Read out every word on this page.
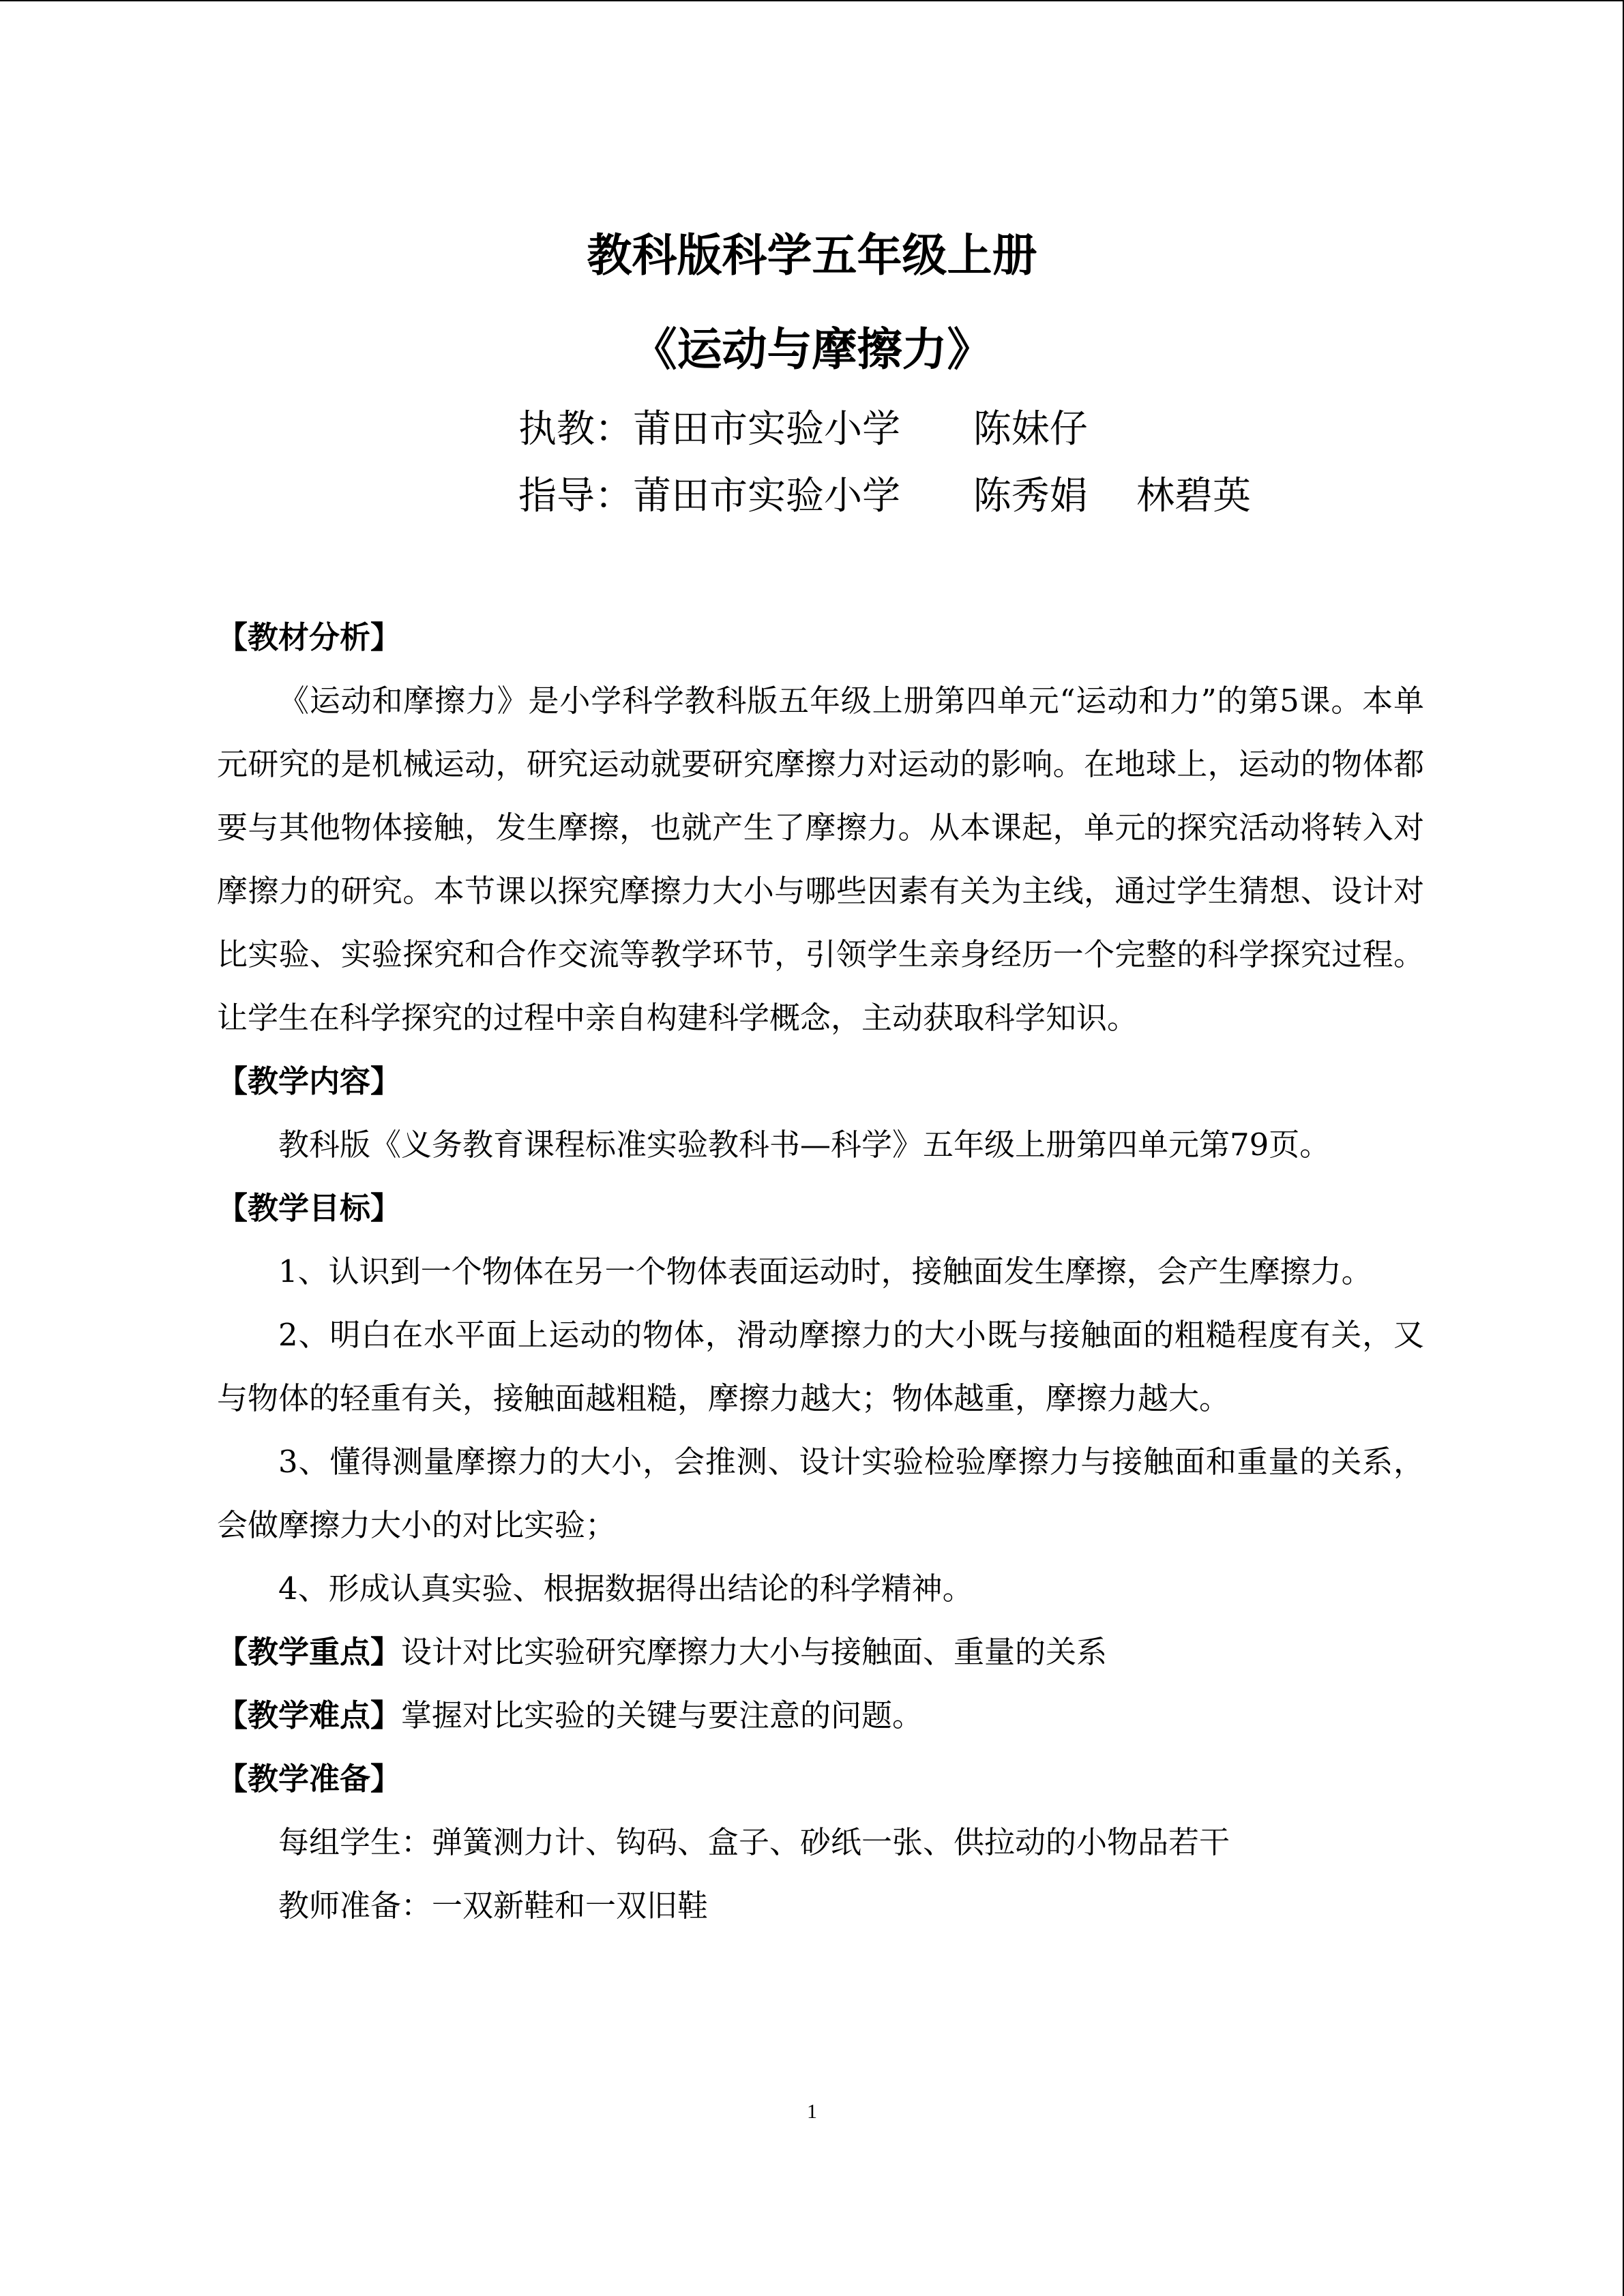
教科版科学五年级上册
《运动与摩擦力》
执教：莆田市实验小学      陈妹仔
指导：莆田市实验小学      陈秀娟    林碧英

【教材分析】

《运动和摩擦力》是小学科学教科版五年级上册第四单元“运动和力”的第5课。本单元研究的是机械运动，研究运动就要研究摩擦力对运动的影响。在地球上，运动的物体都要与其他物体接触，发生摩擦，也就产生了摩擦力。从本课起，单元的探究活动将转入对摩擦力的研究。本节课以探究摩擦力大小与哪些因素有关为主线，通过学生猜想、设计对比实验、实验探究和合作交流等教学环节，引领学生亲身经历一个完整的科学探究过程。让学生在科学探究的过程中亲自构建科学概念，主动获取科学知识。

【教学内容】

教科版《义务教育课程标准实验教科书—科学》五年级上册第四单元第79页。

【教学目标】

1、认识到一个物体在另一个物体表面运动时，接触面发生摩擦，会产生摩擦力。

2、明白在水平面上运动的物体，滑动摩擦力的大小既与接触面的粗糙程度有关，又与物体的轻重有关，接触面越粗糙，摩擦力越大；物体越重，摩擦力越大。

3、懂得测量摩擦力的大小，会推测、设计实验检验摩擦力与接触面和重量的关系，会做摩擦力大小的对比实验；

4、形成认真实验、根据数据得出结论的科学精神。

【教学重点】设计对比实验研究摩擦力大小与接触面、重量的关系

【教学难点】掌握对比实验的关键与要注意的问题。

【教学准备】

每组学生：弹簧测力计、钩码、盒子、砂纸一张、供拉动的小物品若干

教师准备：一双新鞋和一双旧鞋

1
